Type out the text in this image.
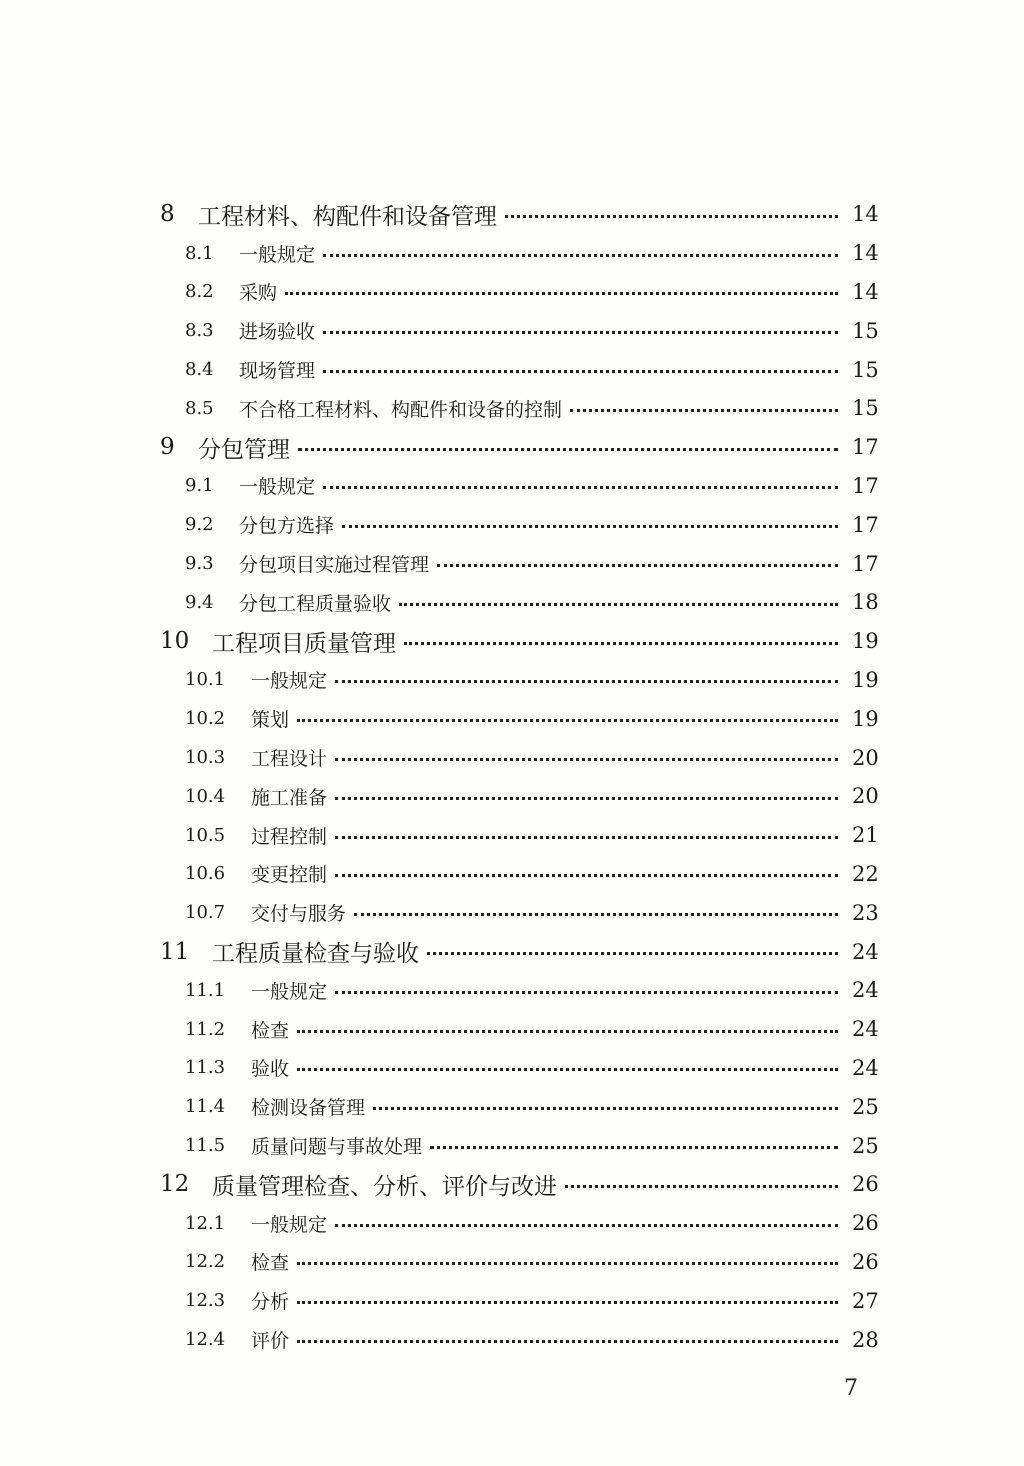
8	工程材料、构配件和设备管理	14
8.1	一般规定	14
8.2	采购	14
8.3	进场验收	15
8.4	现场管理	15
8.5	不合格工程材料、构配件和设备的控制	15
9	分包管理	17
9.1	一般规定	17
9.2	分包方选择	17
9.3	分包项目实施过程管理	17
9.4	分包工程质量验收	18
10 工程项目质量管理	19
10.1	一般规定	19
10.2	策划	19
10.3	工程设计	20
10.4	施工准备	20
10.5	过程控制	21
10.6	变更控制	22
10.7	交付与服务	23
11 工程质量检查与验收	24
11.1	一般规定	24
11.2	检查	24
11.3	验收	24
11.4	检测设备管理	25
11.5	质量问题与事故处理	25
12 质量管理检查、分析、评价与改进	26
12.1	一般规定	26
12.2	检查	26
12.3	分析	27
12.4	评价	28
7
